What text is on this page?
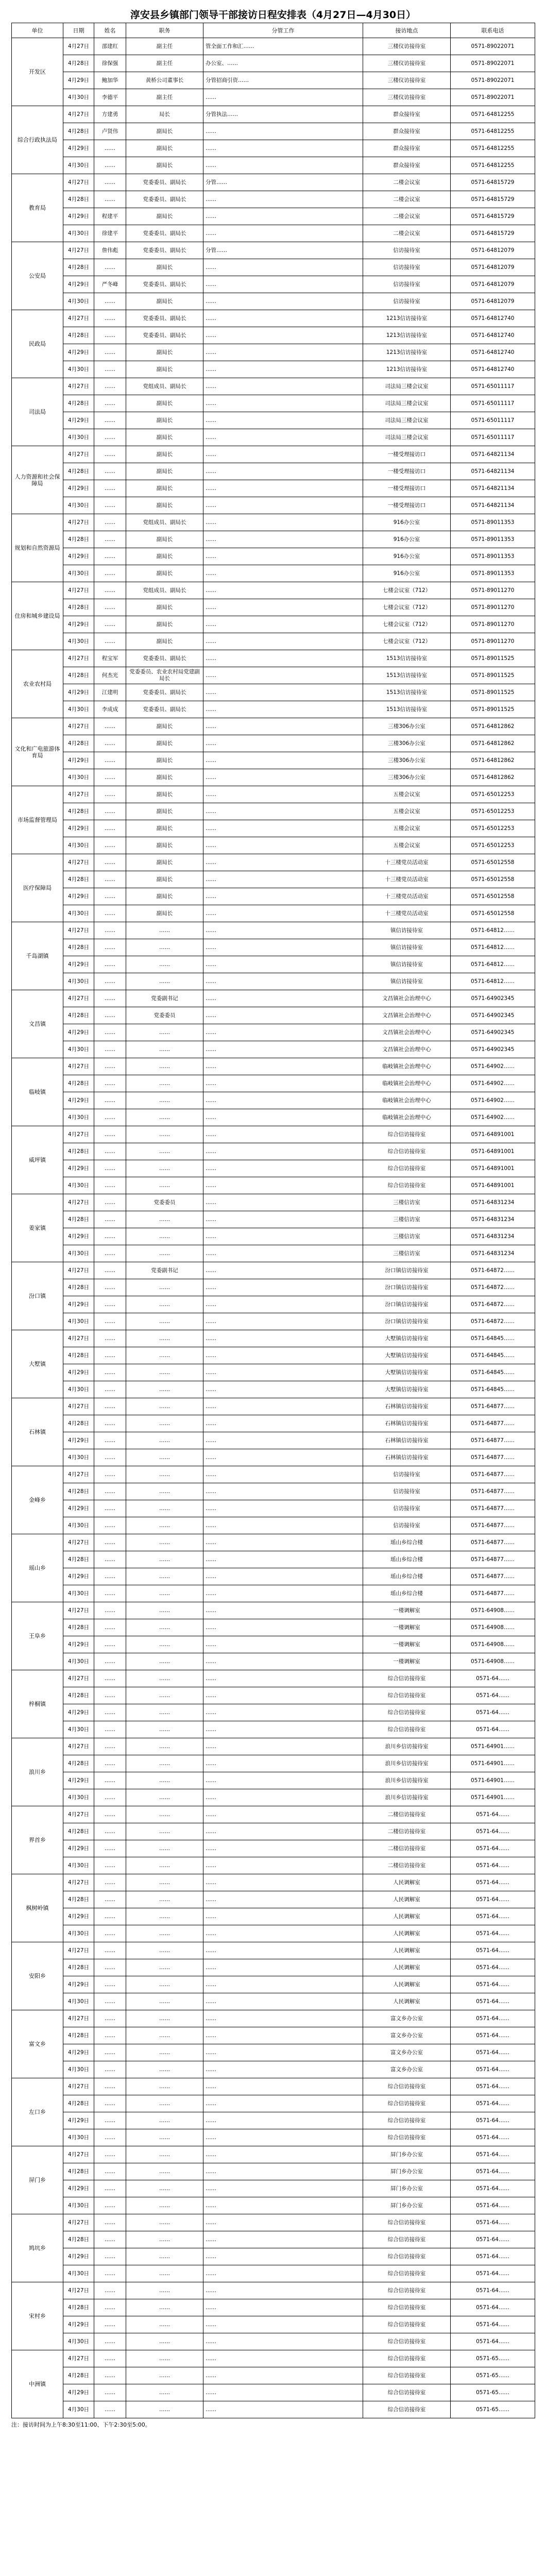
淳安县乡镇部门领导干部接访日程安排表（4月27日—4月30日）
单位	日期	姓名	职务	分管工作	接访地点	联系电话
开发区	4月27日	邵建红	副主任	管全面工作和汇……	三楼仪访接待室	0571-89022071
	4月28日	徐保强	副主任	办公室、……	三楼仪访接待室	0571-89022071
	4月29日	鲍加华	黄桥公司董事长	分管招商引资……	三楼仪访接待室	0571-89022071
	4月30日	李德平	副主任	……	三楼仪访接待室	0571-89022071
综合行政执法局	4月27日	方建勇	局长	分管执法……	群众接待室	0571-64812255
	4月28日	卢贤伟	副局长	……	群众接待室	0571-64812255
	4月29日	……	副局长	……	群众接待室	0571-64812255
	4月30日	……	副局长	……	群众接待室	0571-64812255
教育局	4月27日	……	党委委员、副局长	分管……	二楼会议室	0571-64815729
	4月28日	……	党委委员、副局长	……	二楼会议室	0571-64815729
	4月29日	程建平	副局长	……	二楼会议室	0571-64815729
	4月30日	徐建平	党委委员、副局长	……	二楼会议室	0571-64815729
公安局	4月27日	詹伟彪	党委委员、副局长	分管……	信访接待室	0571-64812079
	4月28日	……	副局长	……	信访接待室	0571-64812079
	4月29日	严冬峰	党委委员、副局长	……	信访接待室	0571-64812079
	4月30日	……	副局长	……	信访接待室	0571-64812079
民政局	4月27日	……	党委委员、副局长	……	1213信访接待室	0571-64812740
	4月28日	……	党委委员、副局长	……	1213信访接待室	0571-64812740
	4月29日	……	副局长	……	1213信访接待室	0571-64812740
	4月30日	……	副局长	……	1213信访接待室	0571-64812740
司法局	4月27日	……	党组成员、副局长	……	司法局三楼会议室	0571-65011117
	4月28日	……	副局长	……	司法局三楼会议室	0571-65011117
	4月29日	……	副局长	……	司法局三楼会议室	0571-65011117
	4月30日	……	副局长	……	司法局三楼会议室	0571-65011117
人力资源和社会保障局	4月27日	……	副局长	……	一楼受理接访口	0571-64821134
	4月28日	……	副局长	……	一楼受理接访口	0571-64821134
	4月29日	……	副局长	……	一楼受理接访口	0571-64821134
	4月30日	……	副局长	……	一楼受理接访口	0571-64821134
规划和自然资源局	4月27日	……	党组成员、副局长	……	916办公室	0571-89011353
	4月28日	……	副局长	……	916办公室	0571-89011353
	4月29日	……	副局长	……	916办公室	0571-89011353
	4月30日	……	副局长	……	916办公室	0571-89011353
住房和城乡建设局	4月27日	……	党组成员、副局长	……	七楼会议室（712）	0571-89011270
	4月28日	……	副局长	……	七楼会议室（712）	0571-89011270
	4月29日	……	副局长	……	七楼会议室（712）	0571-89011270
	4月30日	……	副局长	……	七楼会议室（712）	0571-89011270
农业农村局	4月27日	程宝军	党委委员、副局长	……	1513信访接待室	0571-89011525
	4月28日	何杰光	党委委员、农业农村局党建副局长	……	1513信访接待室	0571-89011525
	4月29日	江建明	党委委员、副局长	……	1513信访接待室	0571-89011525
	4月30日	李成成	党委委员、副局长	……	1513信访接待室	0571-89011525
文化和广电旅游体育局	4月27日	……	副局长	……	三楼306办公室	0571-64812862
	4月28日	……	副局长	……	三楼306办公室	0571-64812862
	4月29日	……	副局长	……	三楼306办公室	0571-64812862
	4月30日	……	副局长	……	三楼306办公室	0571-64812862
市场监督管理局	4月27日	……	副局长	……	五楼会议室	0571-65012253
	4月28日	……	副局长	……	五楼会议室	0571-65012253
	4月29日	……	副局长	……	五楼会议室	0571-65012253
	4月30日	……	副局长	……	五楼会议室	0571-65012253
医疗保障局	4月27日	……	副局长	……	十三楼党员活动室	0571-65012558
	4月28日	……	副局长	……	十三楼党员活动室	0571-65012558
	4月29日	……	副局长	……	十三楼党员活动室	0571-65012558
	4月30日	……	副局长	……	十三楼党员活动室	0571-65012558
千岛湖镇	4月27日	……	……	……	镇信访接待室	0571-64812……
	4月28日	……	……	……	镇信访接待室	0571-64812……
	4月29日	……	……	……	镇信访接待室	0571-64812……
	4月30日	……	……	……	镇信访接待室	0571-64812……
文昌镇	4月27日	……	党委副书记	……	文昌镇社会治理中心	0571-64902345
	4月28日	……	党委委员	……	文昌镇社会治理中心	0571-64902345
	4月29日	……	……	……	文昌镇社会治理中心	0571-64902345
	4月30日	……	……	……	文昌镇社会治理中心	0571-64902345
临岐镇	4月27日	……	……	……	临岐镇社会治理中心	0571-64902……
	4月28日	……	……	……	临岐镇社会治理中心	0571-64902……
	4月29日	……	……	……	临岐镇社会治理中心	0571-64902……
	4月30日	……	……	……	临岐镇社会治理中心	0571-64902……
威坪镇	4月27日	……	……	……	综合信访接待室	0571-64891001
	4月28日	……	……	……	综合信访接待室	0571-64891001
	4月29日	……	……	……	综合信访接待室	0571-64891001
	4月30日	……	……	……	综合信访接待室	0571-64891001
姜家镇	4月27日	……	党委委员	……	三楼信访室	0571-64831234
	4月28日	……	……	……	三楼信访室	0571-64831234
	4月29日	……	……	……	三楼信访室	0571-64831234
	4月30日	……	……	……	三楼信访室	0571-64831234
汾口镇	4月27日	……	党委副书记	……	汾口镇信访接待室	0571-64872……
	4月28日	……	……	……	汾口镇信访接待室	0571-64872……
	4月29日	……	……	……	汾口镇信访接待室	0571-64872……
	4月30日	……	……	……	汾口镇信访接待室	0571-64872……
大墅镇	4月27日	……	……	……	大墅镇信访接待室	0571-64845……
	4月28日	……	……	……	大墅镇信访接待室	0571-64845……
	4月29日	……	……	……	大墅镇信访接待室	0571-64845……
	4月30日	……	……	……	大墅镇信访接待室	0571-64845……
石林镇	4月27日	……	……	……	石林镇信访接待室	0571-64877……
	4月28日	……	……	……	石林镇信访接待室	0571-64877……
	4月29日	……	……	……	石林镇信访接待室	0571-64877……
	4月30日	……	……	……	石林镇信访接待室	0571-64877……
金峰乡	4月27日	……	……	……	信访接待室	0571-64877……
	4月28日	……	……	……	信访接待室	0571-64877……
	4月29日	……	……	……	信访接待室	0571-64877……
	4月30日	……	……	……	信访接待室	0571-64877……
瑶山乡	4月27日	……	……	……	瑶山乡综合楼	0571-64877……
	4月28日	……	……	……	瑶山乡综合楼	0571-64877……
	4月29日	……	……	……	瑶山乡综合楼	0571-64877……
	4月30日	……	……	……	瑶山乡综合楼	0571-64877……
王阜乡	4月27日	……	……	……	一楼调解室	0571-64908……
	4月28日	……	……	……	一楼调解室	0571-64908……
	4月29日	……	……	……	一楼调解室	0571-64908……
	4月30日	……	……	……	一楼调解室	0571-64908……
梓桐镇	4月27日	……	……	……	综合信访接待室	0571-64……
	4月28日	……	……	……	综合信访接待室	0571-64……
	4月29日	……	……	……	综合信访接待室	0571-64……
	4月30日	……	……	……	综合信访接待室	0571-64……
浪川乡	4月27日	……	……	……	浪川乡信访接待室	0571-64901……
	4月28日	……	……	……	浪川乡信访接待室	0571-64901……
	4月29日	……	……	……	浪川乡信访接待室	0571-64901……
	4月30日	……	……	……	浪川乡信访接待室	0571-64901……
界首乡	4月27日	……	……	……	二楼信访接待室	0571-64……
	4月28日	……	……	……	二楼信访接待室	0571-64……
	4月29日	……	……	……	二楼信访接待室	0571-64……
	4月30日	……	……	……	二楼信访接待室	0571-64……
枫树岭镇	4月27日	……	……	……	人民调解室	0571-64……
	4月28日	……	……	……	人民调解室	0571-64……
	4月29日	……	……	……	人民调解室	0571-64……
	4月30日	……	……	……	人民调解室	0571-64……
安阳乡	4月27日	……	……	……	人民调解室	0571-64……
	4月28日	……	……	……	人民调解室	0571-64……
	4月29日	……	……	……	人民调解室	0571-64……
	4月30日	……	……	……	人民调解室	0571-64……
富文乡	4月27日	……	……	……	富文乡办公室	0571-64……
	4月28日	……	……	……	富文乡办公室	0571-64……
	4月29日	……	……	……	富文乡办公室	0571-64……
	4月30日	……	……	……	富文乡办公室	0571-64……
左口乡	4月27日	……	……	……	综合信访接待室	0571-64……
	4月28日	……	……	……	综合信访接待室	0571-64……
	4月29日	……	……	……	综合信访接待室	0571-64……
	4月30日	……	……	……	综合信访接待室	0571-64……
屏门乡	4月27日	……	……	……	屏门乡办公室	0571-64……
	4月28日	……	……	……	屏门乡办公室	0571-64……
	4月29日	……	……	……	屏门乡办公室	0571-64……
	4月30日	……	……	……	屏门乡办公室	0571-64……
鸠坑乡	4月27日	……	……	……	综合信访接待室	0571-64……
	4月28日	……	……	……	综合信访接待室	0571-64……
	4月29日	……	……	……	综合信访接待室	0571-64……
	4月30日	……	……	……	综合信访接待室	0571-64……
宋村乡	4月27日	……	……	……	综合信访接待室	0571-64……
	4月28日	……	……	……	综合信访接待室	0571-64……
	4月29日	……	……	……	综合信访接待室	0571-64……
	4月30日	……	……	……	综合信访接待室	0571-64……
中洲镇	4月27日	……	……	……	综合信访接待室	0571-65……
	4月28日	……	……	……	综合信访接待室	0571-65……
	4月29日	……	……	……	综合信访接待室	0571-65……
	4月30日	……	……	……	综合信访接待室	0571-65……
注：接访时间为上午8:30至11:00、下午2:30至5:00。
